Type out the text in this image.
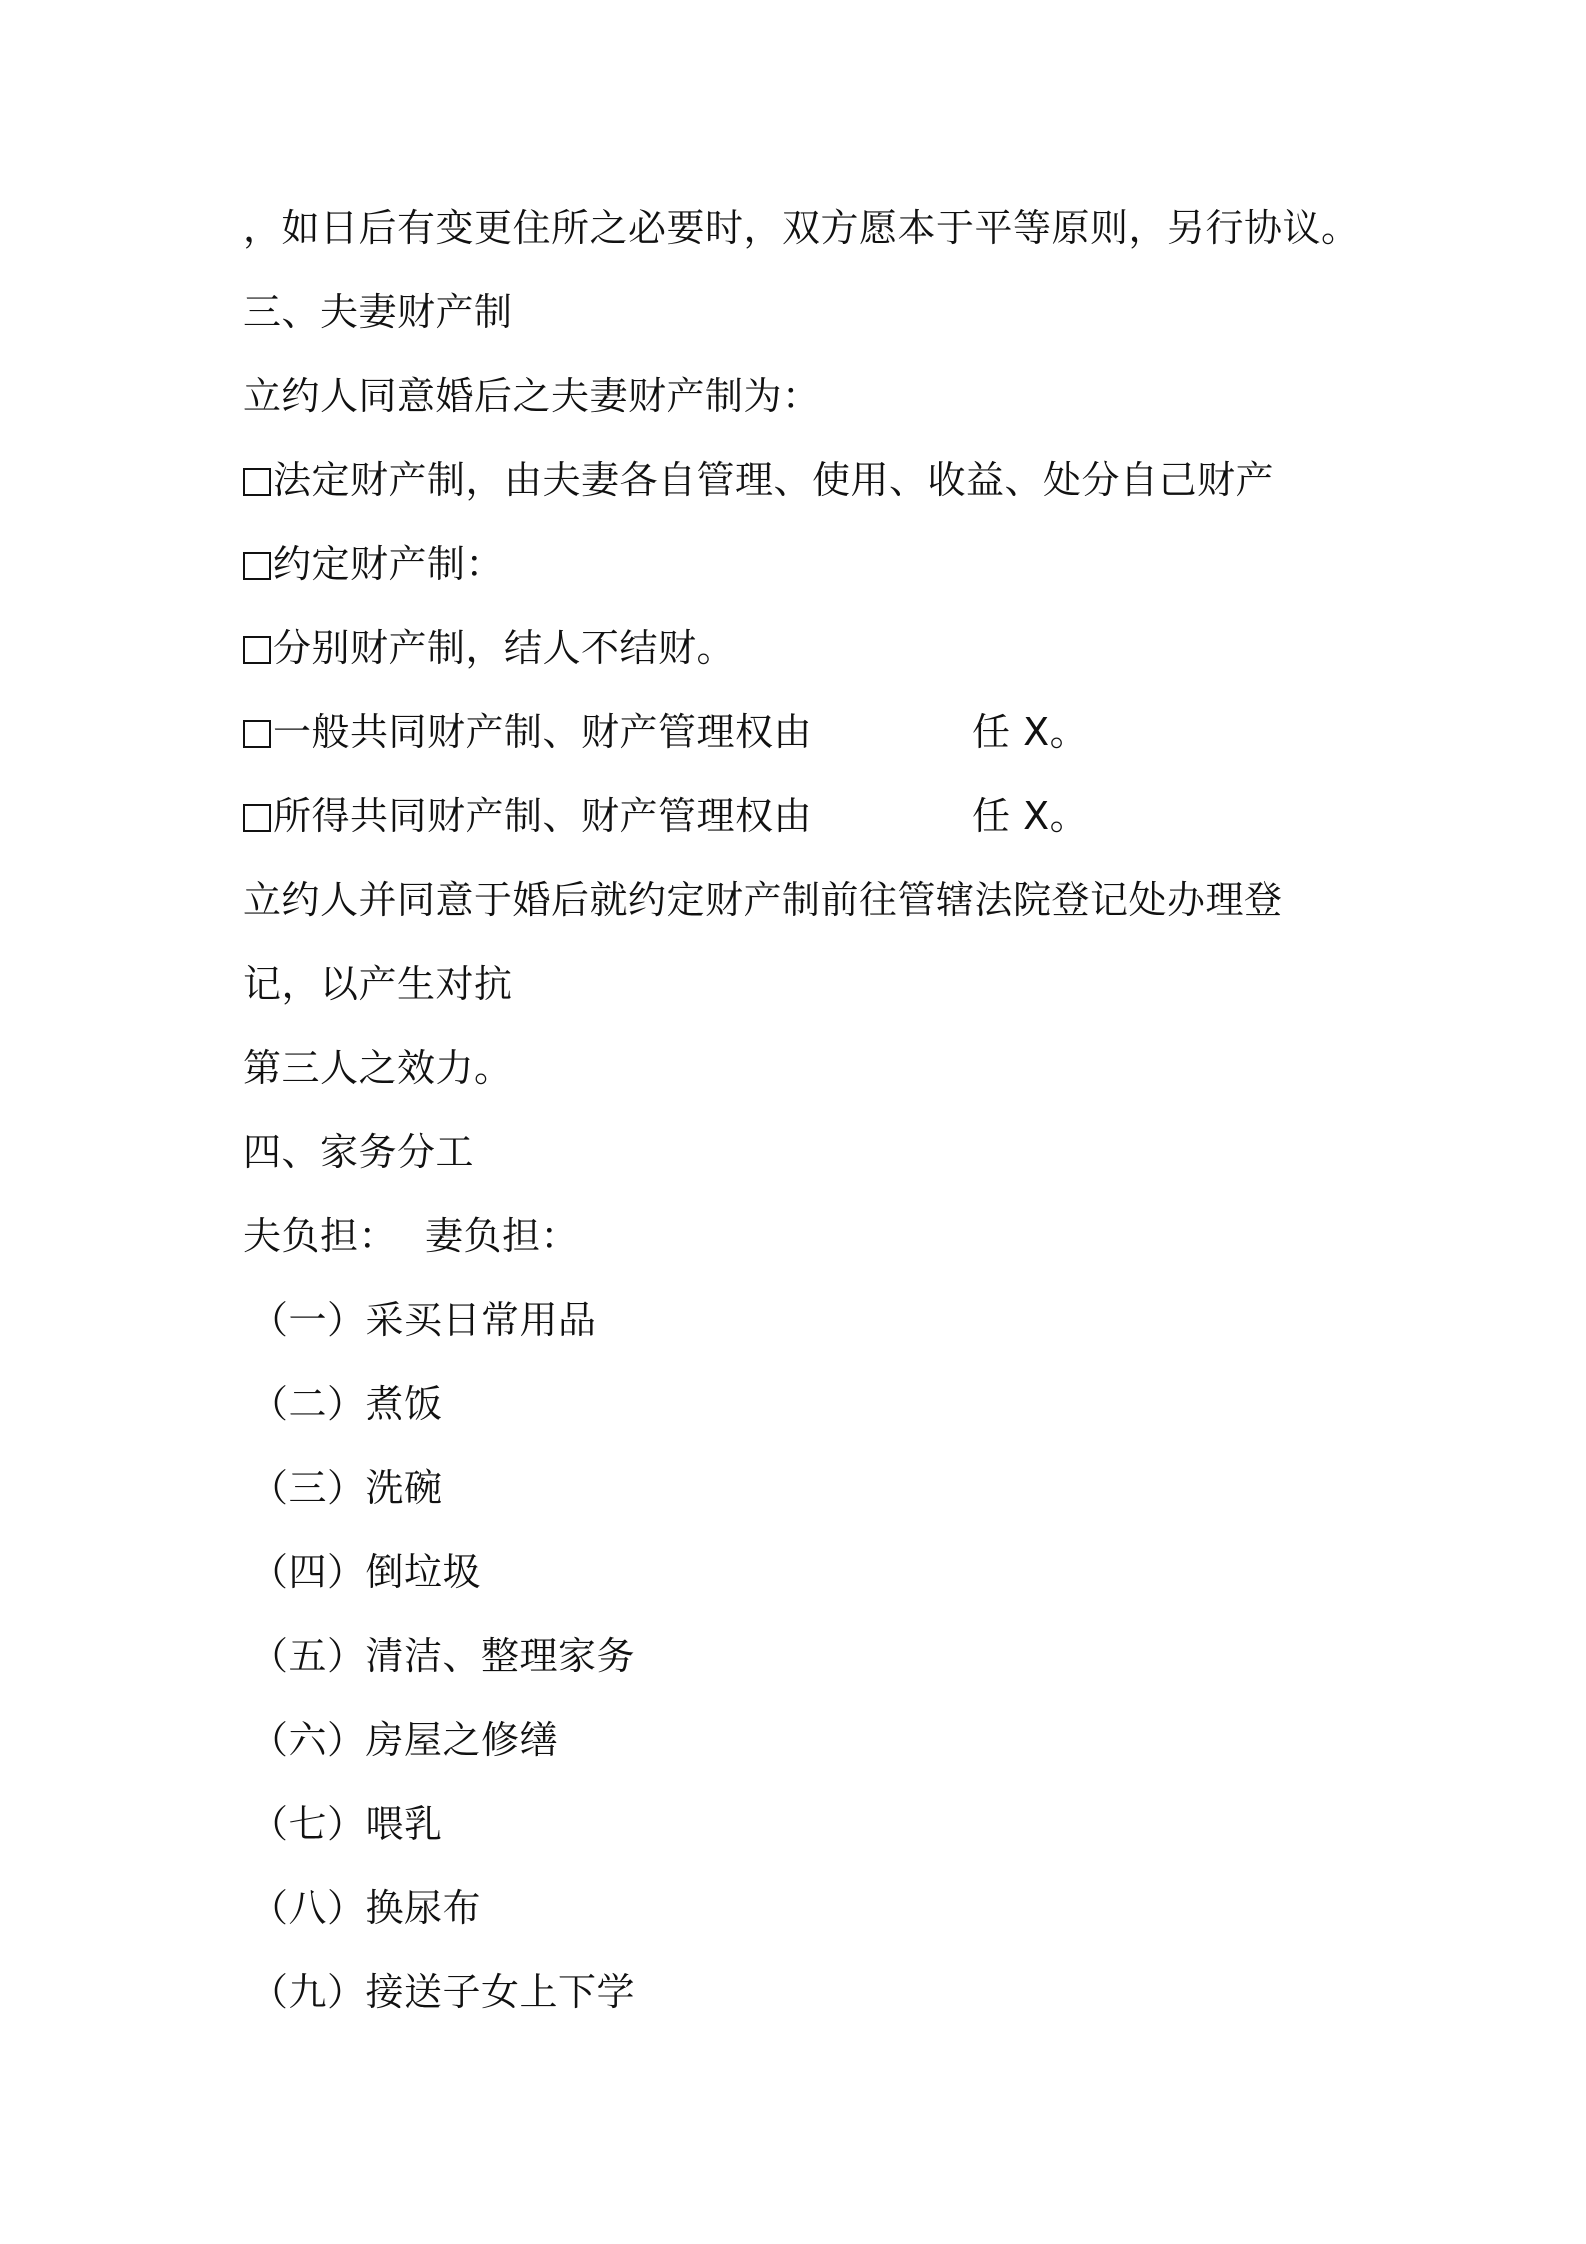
，如日后有变更住所之必要时，双方愿本于平等原则，另行协议。
三、夫妻财产制
立约人同意婚后之夫妻财产制为：
法定财产制，由夫妻各自管理、使用、收益、处分自己财产
约定财产制：
分别财产制，结人不结财。
一般共同财产制、财产管理权由	任 X。
所得共同财产制、财产管理权由	任 X。
立约人并同意于婚后就约定财产制前往管辖法院登记处办理登
记，以产生对抗
第三人之效力。
四、家务分工
夫负担： 妻负担：
（一）采买日常用品
（二）煮饭
（三）洗碗
（四）倒垃圾
（五）清洁、整理家务
（六）房屋之修缮
（七）喂乳
（八）换尿布
（九）接送子女上下学
